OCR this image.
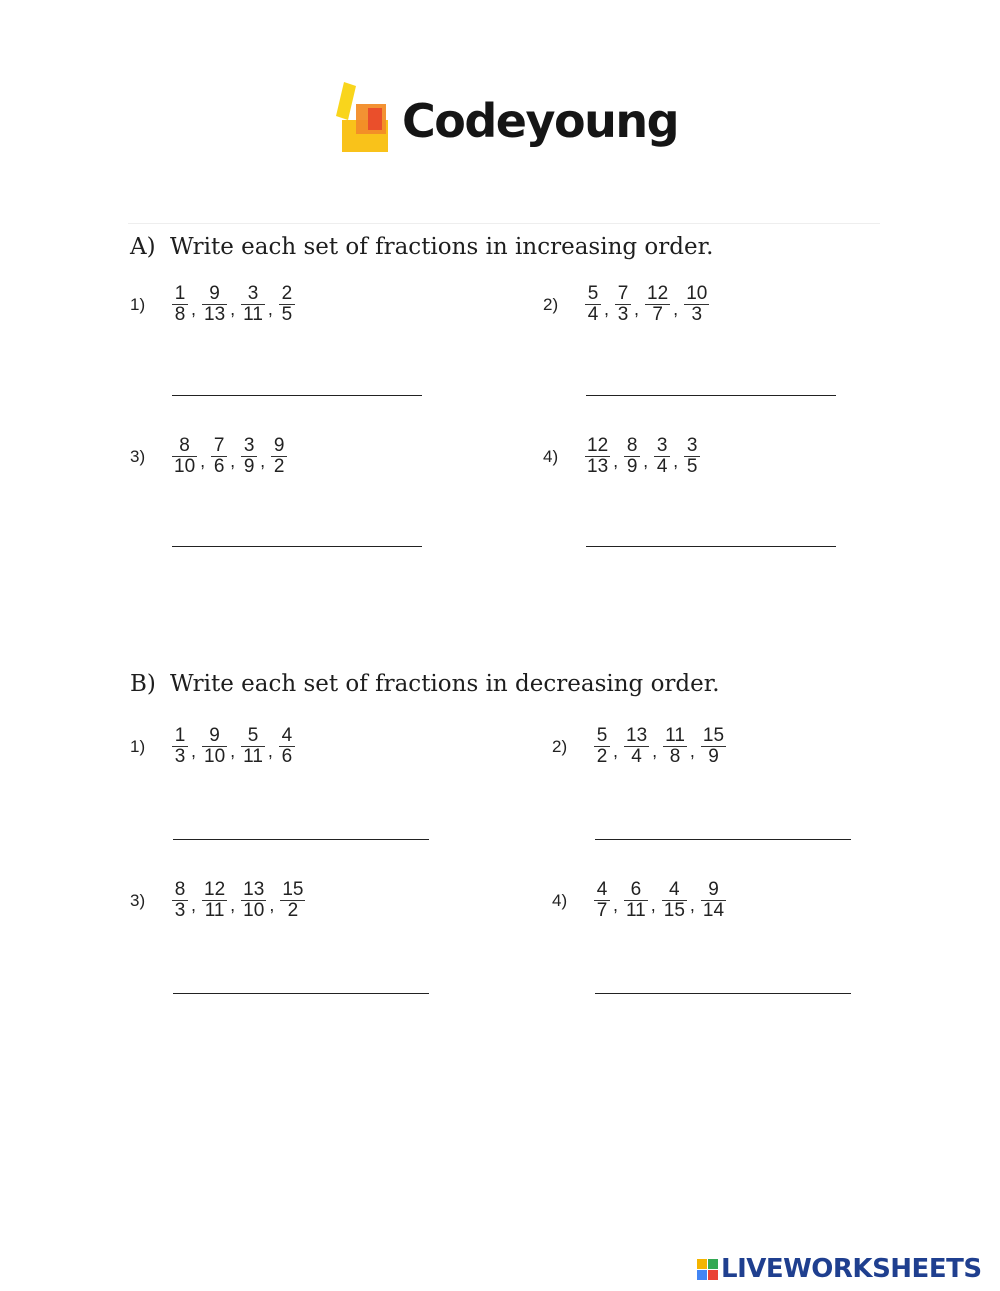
Codeyoung
A) Write each set of fractions in increasing order.
1)	$\frac{1}{8}$ , $\frac{9}{13}$ , $\frac{3}{11}$ , $\frac{2}{5}$	2)	$\frac{5}{4}$ , $\frac{7}{3}$ , $\frac{12}{7}$ , $\frac{10}{3}$
3)	$\frac{8}{10}$ , $\frac{7}{6}$ , $\frac{3}{9}$ , $\frac{9}{2}$	4)	$\frac{12}{13}$ , $\frac{8}{9}$ , $\frac{3}{4}$ , $\frac{3}{5}$
B) Write each set of fractions in decreasing order.
1)	$\frac{1}{3}$ , $\frac{9}{10}$ , $\frac{5}{11}$ , $\frac{4}{6}$	2)	$\frac{5}{2}$ , $\frac{13}{4}$ , $\frac{11}{8}$ , $\frac{15}{9}$
3)	$\frac{8}{3}$ , $\frac{12}{11}$ , $\frac{13}{10}$ , $\frac{15}{2}$	4)	$\frac{4}{7}$ , $\frac{6}{11}$ , $\frac{4}{15}$ , $\frac{9}{14}$
LIVEWORKSHEETS
